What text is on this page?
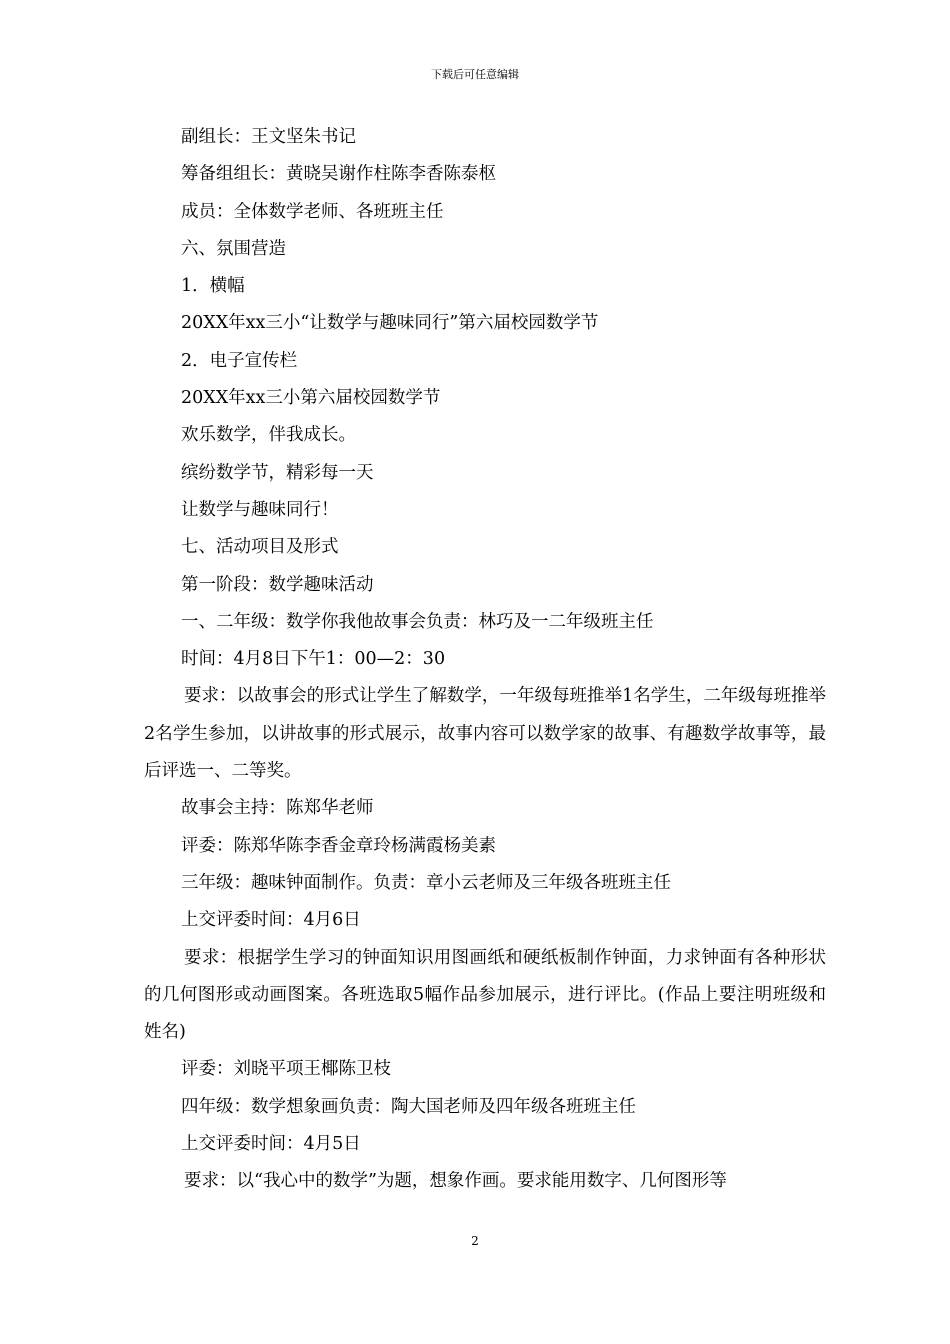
下载后可任意编辑
副组长：王文坚朱书记
筹备组组长：黄晓吴谢作柱陈李香陈泰枢
成员：全体数学老师、各班班主任
六、氛围营造
1．横幅
20XX年xx三小“让数学与趣味同行”第六届校园数学节
2．电子宣传栏
20XX年xx三小第六届校园数学节
欢乐数学，伴我成长。
缤纷数学节，精彩每一天
让数学与趣味同行！
七、活动项目及形式
第一阶段：数学趣味活动
一、二年级：数学你我他故事会负责：林巧及一二年级班主任
时间：4月8日下午1：00—2：30
要求：以故事会的形式让学生了解数学，一年级每班推举1名学生，二年级每班推举2名学生参加，以讲故事的形式展示，故事内容可以数学家的故事、有趣数学故事等，最后评选一、二等奖。
故事会主持：陈郑华老师
评委：陈郑华陈李香金章玲杨满霞杨美素
三年级：趣味钟面制作。负责：章小云老师及三年级各班班主任
上交评委时间：4月6日
要求：根据学生学习的钟面知识用图画纸和硬纸板制作钟面，力求钟面有各种形状的几何图形或动画图案。各班选取5幅作品参加展示，进行评比。(作品上要注明班级和姓名)
评委：刘晓平项王椰陈卫枝
四年级：数学想象画负责：陶大国老师及四年级各班班主任
上交评委时间：4月5日
要求：以“我心中的数学”为题，想象作画。要求能用数字、几何图形等
2
